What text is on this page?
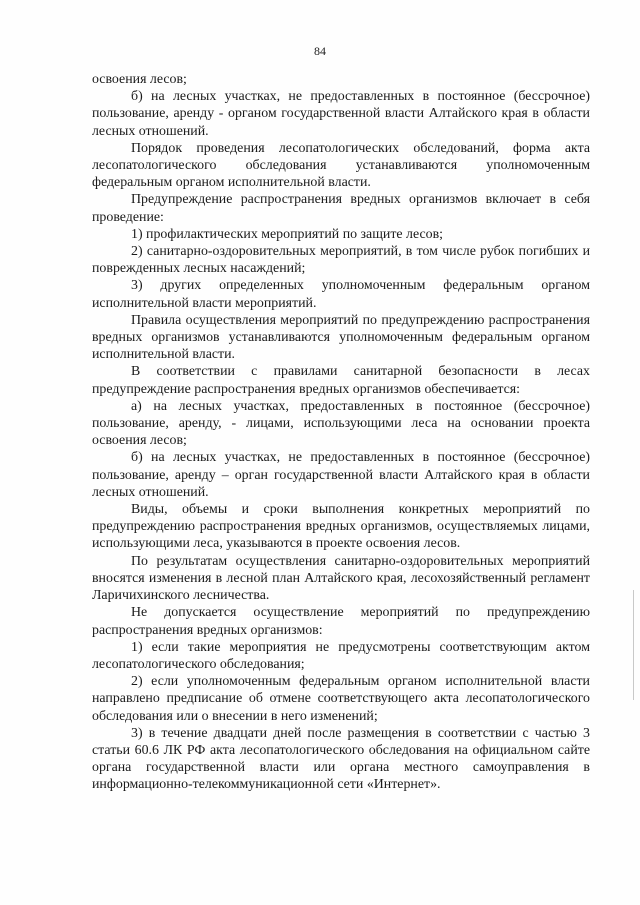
84

освоения лесов;

б) на лесных участках, не предоставленных в постоянное (бессрочное) пользование, аренду - органом государственной власти Алтайского края в области лесных отношений.

Порядок проведения лесопатологических обследований, форма акта лесопатологического обследования устанавливаются уполномоченным федеральным органом исполнительной власти.

Предупреждение распространения вредных организмов включает в себя проведение:

1) профилактических мероприятий по защите лесов;

2) санитарно-оздоровительных мероприятий, в том числе рубок погибших и поврежденных лесных насаждений;

3) других определенных уполномоченным федеральным органом исполнительной власти мероприятий.

Правила осуществления мероприятий по предупреждению распространения вредных организмов устанавливаются уполномоченным федеральным органом исполнительной власти.

В соответствии с правилами санитарной безопасности в лесах предупреждение распространения вредных организмов обеспечивается:

а) на лесных участках, предоставленных в постоянное (бессрочное) пользование, аренду, - лицами, использующими леса на основании проекта освоения лесов;

б) на лесных участках, не предоставленных в постоянное (бессрочное) пользование, аренду – орган государственной власти Алтайского края в области лесных отношений.

Виды, объемы и сроки выполнения конкретных мероприятий по предупреждению распространения вредных организмов, осуществляемых лицами, использующими леса, указываются в проекте освоения лесов.

По результатам осуществления санитарно-оздоровительных мероприятий вносятся изменения в лесной план Алтайского края, лесохозяйственный регламент Ларичихинского лесничества.

Не допускается осуществление мероприятий по предупреждению распространения вредных организмов:

1) если такие мероприятия не предусмотрены соответствующим актом лесопатологического обследования;

2) если уполномоченным федеральным органом исполнительной власти направлено предписание об отмене соответствующего акта лесопатологического обследования или о внесении в него изменений;

3) в течение двадцати дней после размещения в соответствии с частью 3 статьи 60.6 ЛК РФ акта лесопатологического обследования на официальном сайте органа государственной власти или органа местного самоуправления в информационно-телекоммуникационной сети «Интернет».
